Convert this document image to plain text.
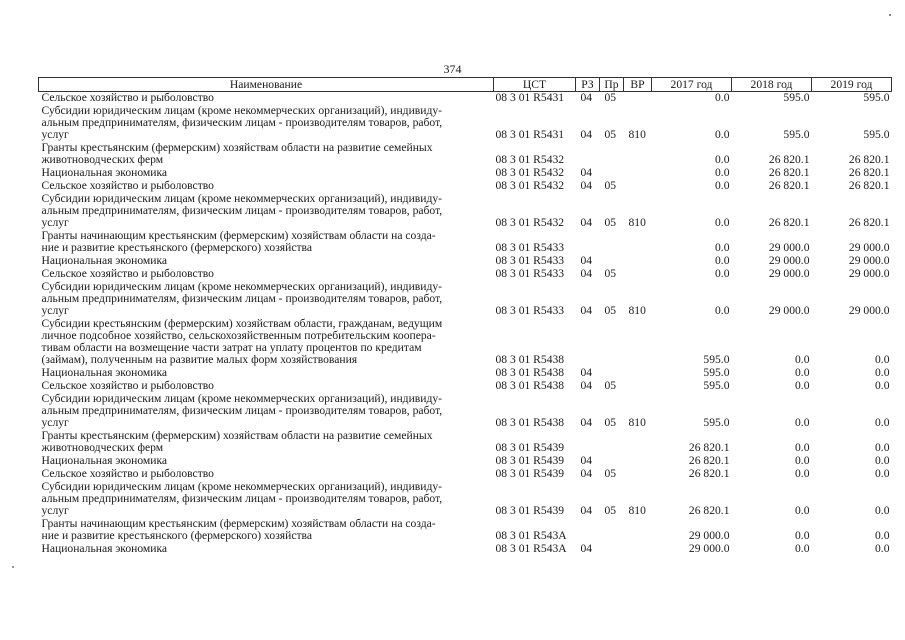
374
Наименование	ЦСТ	РЗ	Пр	ВР	2017 год	2018 год	2019 год

Сельское хозяйство и рыболовство	08 3 01 R5431	04	05		0.0	595.0	595.0

Субсидии юридическим лицам (кроме некоммерческих организаций), индивиду-
альным предпринимателям, физическим лицам - производителям товаров, работ,
услуг	08 3 01 R5431	04	05	810	0.0	595.0	595.0

Гранты крестьянским (фермерским) хозяйствам области на развитие семейных
животноводческих ферм	08 3 01 R5432				0.0	26 820.1	26 820.1

Национальная экономика	08 3 01 R5432	04			0.0	26 820.1	26 820.1

Сельское хозяйство и рыболовство	08 3 01 R5432	04	05		0.0	26 820.1	26 820.1

Субсидии юридическим лицам (кроме некоммерческих организаций), индивиду-
альным предпринимателям, физическим лицам - производителям товаров, работ,
услуг	08 3 01 R5432	04	05	810	0.0	26 820.1	26 820.1

Гранты начинающим крестьянским (фермерским) хозяйствам области на созда-
ние и развитие крестьянского (фермерского) хозяйства	08 3 01 R5433				0.0	29 000.0	29 000.0

Национальная экономика	08 3 01 R5433	04			0.0	29 000.0	29 000.0

Сельское хозяйство и рыболовство	08 3 01 R5433	04	05		0.0	29 000.0	29 000.0

Субсидии юридическим лицам (кроме некоммерческих организаций), индивиду-
альным предпринимателям, физическим лицам - производителям товаров, работ,
услуг	08 3 01 R5433	04	05	810	0.0	29 000.0	29 000.0

Субсидии крестьянским (фермерским) хозяйствам области, гражданам, ведущим
личное подсобное хозяйство, сельскохозяйственным потребительским коопера-
тивам области на возмещение части затрат на уплату процентов по кредитам
(займам), полученным на развитие малых форм хозяйствования	08 3 01 R5438				595.0	0.0	0.0

Национальная экономика	08 3 01 R5438	04			595.0	0.0	0.0

Сельское хозяйство и рыболовство	08 3 01 R5438	04	05		595.0	0.0	0.0

Субсидии юридическим лицам (кроме некоммерческих организаций), индивиду-
альным предпринимателям, физическим лицам - производителям товаров, работ,
услуг	08 3 01 R5438	04	05	810	595.0	0.0	0.0

Гранты крестьянским (фермерским) хозяйствам области на развитие семейных
животноводческих ферм	08 3 01 R5439				26 820.1	0.0	0.0

Национальная экономика	08 3 01 R5439	04			26 820.1	0.0	0.0

Сельское хозяйство и рыболовство	08 3 01 R5439	04	05		26 820.1	0.0	0.0

Субсидии юридическим лицам (кроме некоммерческих организаций), индивиду-
альным предпринимателям, физическим лицам - производителям товаров, работ,
услуг	08 3 01 R5439	04	05	810	26 820.1	0.0	0.0

Гранты начинающим крестьянским (фермерским) хозяйствам области на созда-
ние и развитие крестьянского (фермерского) хозяйства	08 3 01 R543A				29 000.0	0.0	0.0

Национальная экономика	08 3 01 R543A	04			29 000.0	0.0	0.0
